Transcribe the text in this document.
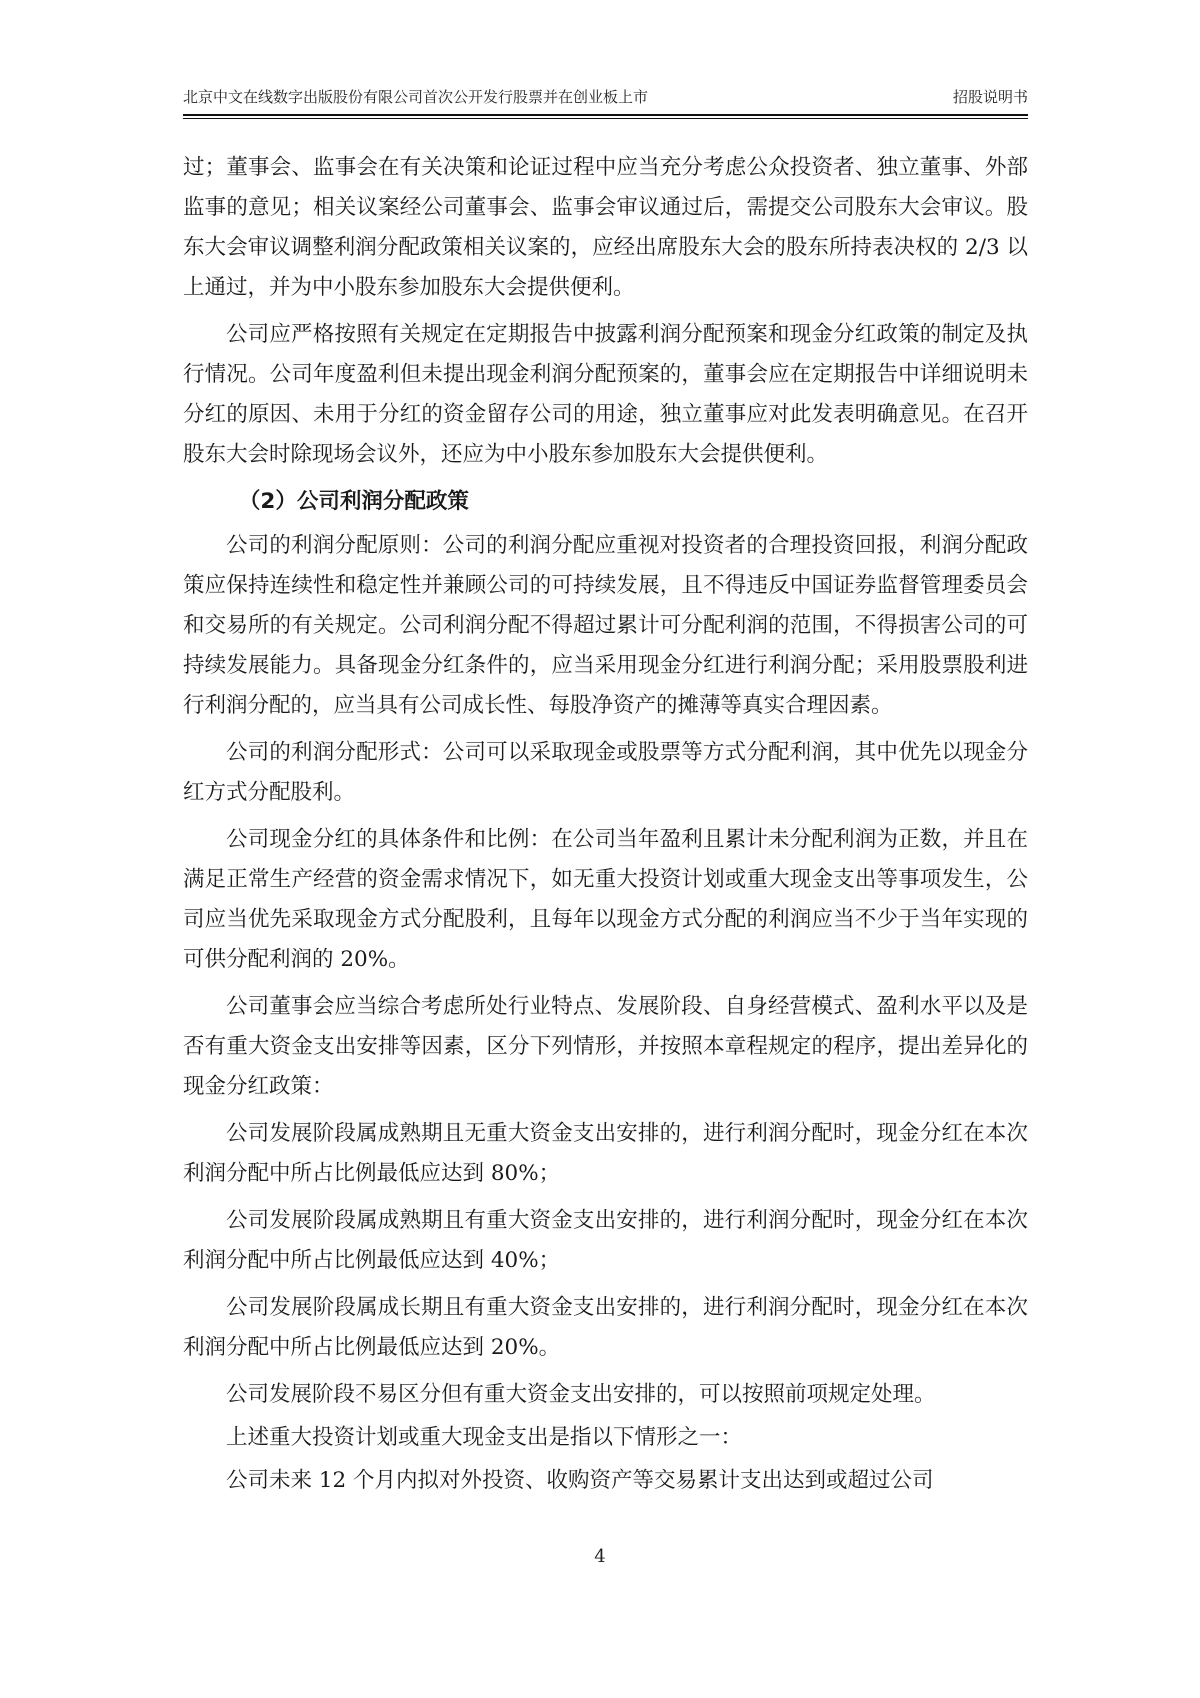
北京中文在线数字出版股份有限公司首次公开发行股票并在创业板上市	招股说明书

过；董事会、监事会在有关决策和论证过程中应当充分考虑公众投资者、独立董事、外部监事的意见；相关议案经公司董事会、监事会审议通过后，需提交公司股东大会审议。股东大会审议调整利润分配政策相关议案的，应经出席股东大会的股东所持表决权的 2/3 以上通过，并为中小股东参加股东大会提供便利。

公司应严格按照有关规定在定期报告中披露利润分配预案和现金分红政策的制定及执行情况。公司年度盈利但未提出现金利润分配预案的，董事会应在定期报告中详细说明未分红的原因、未用于分红的资金留存公司的用途，独立董事应对此发表明确意见。在召开股东大会时除现场会议外，还应为中小股东参加股东大会提供便利。

（2）公司利润分配政策

公司的利润分配原则：公司的利润分配应重视对投资者的合理投资回报，利润分配政策应保持连续性和稳定性并兼顾公司的可持续发展，且不得违反中国证券监督管理委员会和交易所的有关规定。公司利润分配不得超过累计可分配利润的范围，不得损害公司的可持续发展能力。具备现金分红条件的，应当采用现金分红进行利润分配；采用股票股利进行利润分配的，应当具有公司成长性、每股净资产的摊薄等真实合理因素。

公司的利润分配形式：公司可以采取现金或股票等方式分配利润，其中优先以现金分红方式分配股利。

公司现金分红的具体条件和比例：在公司当年盈利且累计未分配利润为正数，并且在满足正常生产经营的资金需求情况下，如无重大投资计划或重大现金支出等事项发生，公司应当优先采取现金方式分配股利，且每年以现金方式分配的利润应当不少于当年实现的可供分配利润的 20%。

公司董事会应当综合考虑所处行业特点、发展阶段、自身经营模式、盈利水平以及是否有重大资金支出安排等因素，区分下列情形，并按照本章程规定的程序，提出差异化的现金分红政策：

公司发展阶段属成熟期且无重大资金支出安排的，进行利润分配时，现金分红在本次利润分配中所占比例最低应达到 80%；

公司发展阶段属成熟期且有重大资金支出安排的，进行利润分配时，现金分红在本次利润分配中所占比例最低应达到 40%；

公司发展阶段属成长期且有重大资金支出安排的，进行利润分配时，现金分红在本次利润分配中所占比例最低应达到 20%。

公司发展阶段不易区分但有重大资金支出安排的，可以按照前项规定处理。

上述重大投资计划或重大现金支出是指以下情形之一：

公司未来 12 个月内拟对外投资、收购资产等交易累计支出达到或超过公司

4
